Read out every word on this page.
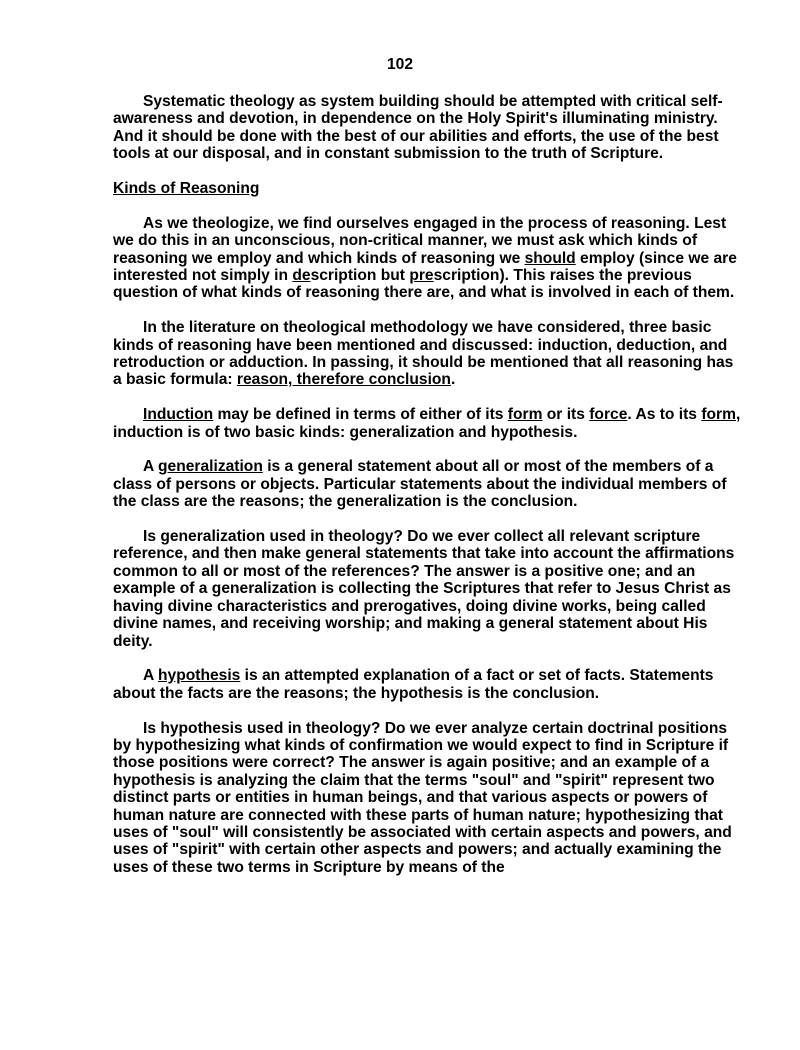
102

Systematic theology as system building should be attempted with critical self-awareness and devotion, in dependence on the Holy Spirit's illuminating ministry. And it should be done with the best of our abilities and efforts, the use of the best tools at our disposal, and in constant submission to the truth of Scripture.

Kinds of Reasoning

As we theologize, we find ourselves engaged in the process of reasoning. Lest we do this in an unconscious, non-critical manner, we must ask which kinds of reasoning we employ and which kinds of reasoning we should employ (since we are interested not simply in description but prescription). This raises the previous question of what kinds of reasoning there are, and what is involved in each of them.

In the literature on theological methodology we have considered, three basic kinds of reasoning have been mentioned and discussed: induction, deduction, and retroduction or adduction. In passing, it should be mentioned that all reasoning has a basic formula: reason, therefore conclusion.

Induction may be defined in terms of either of its form or its force. As to its form, induction is of two basic kinds: generalization and hypothesis.

A generalization is a general statement about all or most of the members of a class of persons or objects. Particular statements about the individual members of the class are the reasons; the generalization is the conclusion.

Is generalization used in theology? Do we ever collect all relevant scripture reference, and then make general statements that take into account the affirmations common to all or most of the references? The answer is a positive one; and an example of a generalization is collecting the Scriptures that refer to Jesus Christ as having divine characteristics and prerogatives, doing divine works, being called divine names, and receiving worship; and making a general statement about His deity.

A hypothesis is an attempted explanation of a fact or set of facts. Statements about the facts are the reasons; the hypothesis is the conclusion.

Is hypothesis used in theology? Do we ever analyze certain doctrinal positions by hypothesizing what kinds of confirmation we would expect to find in Scripture if those positions were correct? The answer is again positive; and an example of a hypothesis is analyzing the claim that the terms "soul" and "spirit" represent two distinct parts or entities in human beings, and that various aspects or powers of human nature are connected with these parts of human nature; hypothesizing that uses of "soul" will consistently be associated with certain aspects and powers, and uses of "spirit" with certain other aspects and powers; and actually examining the uses of these two terms in Scripture by means of the
